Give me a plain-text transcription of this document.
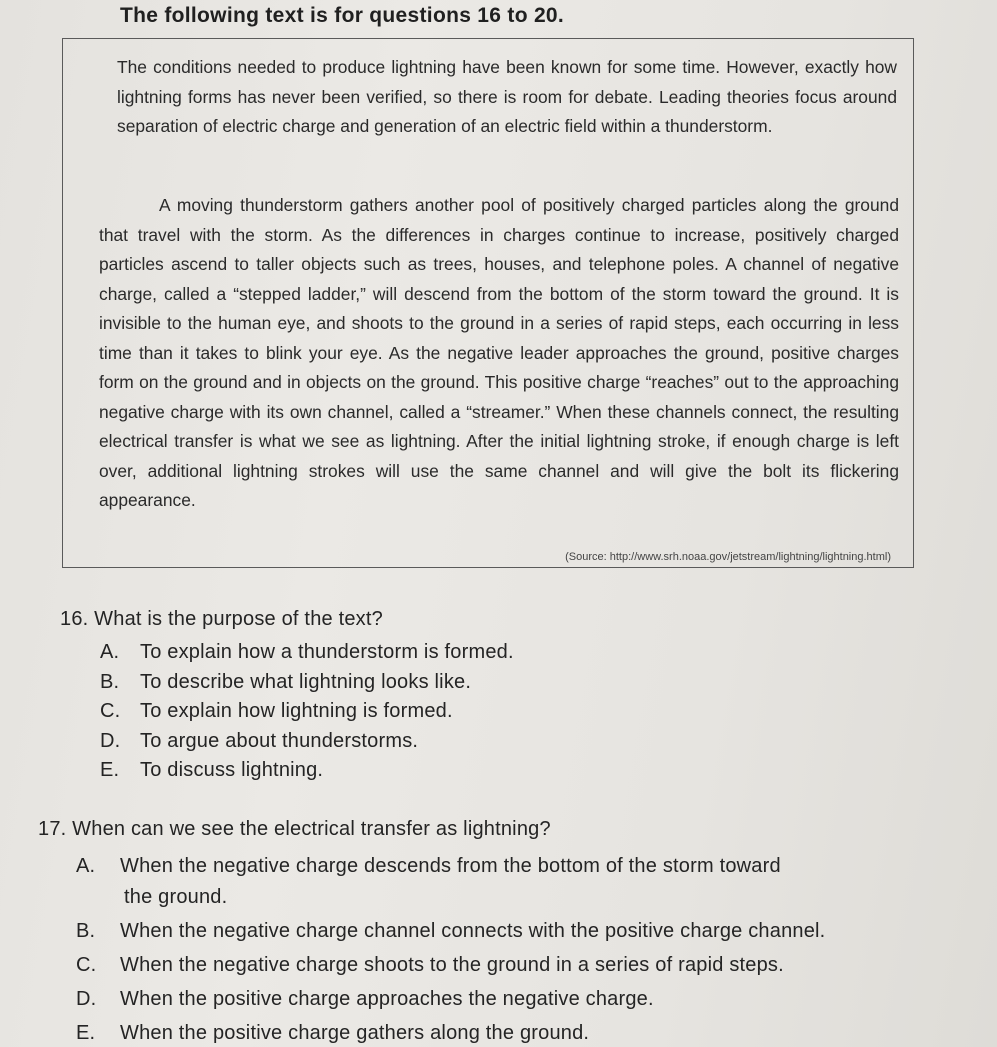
The following text is for questions 16 to 20.

The conditions needed to produce lightning have been known for some time. However, exactly how lightning forms has never been verified, so there is room for debate. Leading theories focus around separation of electric charge and generation of an electric field within a thunderstorm.

A moving thunderstorm gathers another pool of positively charged particles along the ground that travel with the storm. As the differences in charges continue to increase, positively charged particles ascend to taller objects such as trees, houses, and telephone poles. A channel of negative charge, called a “stepped ladder,” will descend from the bottom of the storm toward the ground. It is invisible to the human eye, and shoots to the ground in a series of rapid steps, each occurring in less time than it takes to blink your eye. As the negative leader approaches the ground, positive charges form on the ground and in objects on the ground. This positive charge “reaches” out to the approaching negative charge with its own channel, called a “streamer.” When these channels connect, the resulting electrical transfer is what we see as lightning. After the initial lightning stroke, if enough charge is left over, additional lightning strokes will use the same channel and will give the bolt its flickering appearance.

(Source: http://www.srh.noaa.gov/jetstream/lightning/lightning.html)

16. What is the purpose of the text?

A. To explain how a thunderstorm is formed.
B. To describe what lightning looks like.
C. To explain how lightning is formed.
D. To argue about thunderstorms.
E. To discuss lightning.

17. When can we see the electrical transfer as lightning?

A. When the negative charge descends from the bottom of the storm toward
the ground.
B. When the negative charge channel connects with the positive charge channel.
C. When the negative charge shoots to the ground in a series of rapid steps.
D. When the positive charge approaches the negative charge.
E. When the positive charge gathers along the ground.
